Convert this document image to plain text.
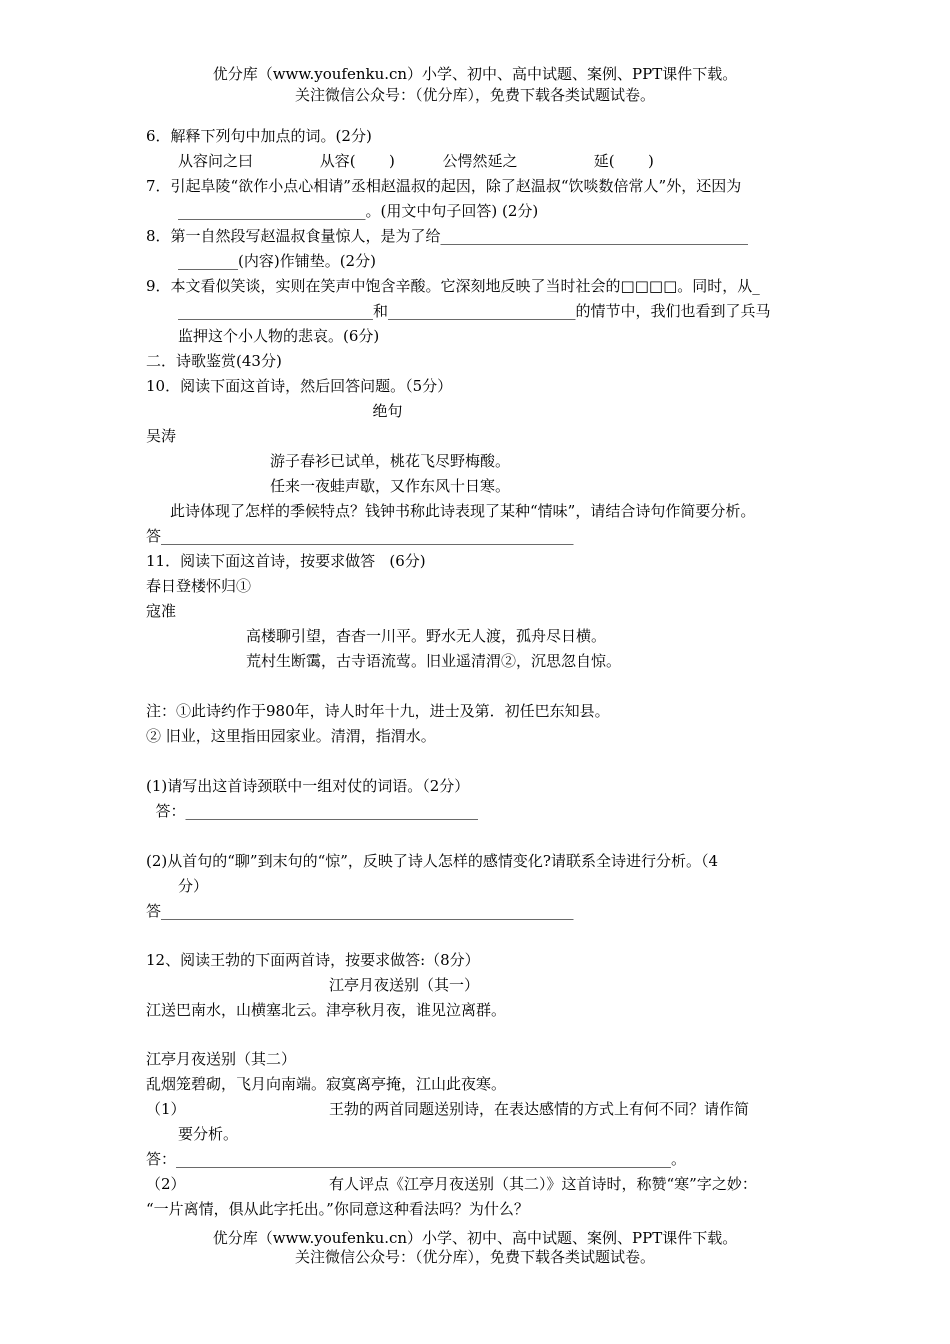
优分库（www.youfenku.cn）小学、初中、高中试题、案例、PPT课件下载。
关注微信公众号：（优分库），免费下载各类试题试卷。
6．解释下列句中加点的词。(2分)
从容问之曰              从容(       )          公愕然延之                延(       )
7．引起阜陵“欲作小点心相请”丞相赵温叔的起因，除了赵温叔“饮啖数倍常人”外，还因为
_________________________。(用文中句子回答) (2分)
8．第一自然段写赵温叔食量惊人，是为了给_________________________________________
________(内容)作铺垫。(2分)
9．本文看似笑谈，实则在笑声中饱含辛酸。它深刻地反映了当时社会的□□□□。同时，从_
__________________________和_________________________的情节中，我们也看到了兵马
监押这个小人物的悲哀。(6分)
二．诗歌鉴赏(43分)
10．阅读下面这首诗，然后回答问题。（5分）
绝句
吴涛
游子春衫已试单，桃花飞尽野梅酸。
任来一夜蛙声歇，又作东风十日寒。
此诗体现了怎样的季候特点？钱钟书称此诗表现了某种“情味”，请结合诗句作简要分析。
答_______________________________________________________
11．阅读下面这首诗，按要求做答   (6分)
春日登楼怀归①
寇准
高楼聊引望，杳杳一川平。野水无人渡，孤舟尽日横。
荒村生断霭，古寺语流莺。旧业遥清渭②，沉思忽自惊。
注：①此诗约作于980年，诗人时年十九，进士及第．初任巴东知县。
② 旧业，这里指田园家业。清渭，指渭水。
(1)请写出这首诗颈联中一组对仗的词语。（2分）
答：_______________________________________
(2)从首句的“聊”到末句的“惊”，反映了诗人怎样的感情变化?请联系全诗进行分析。（4
分）
答_______________________________________________________
12、阅读王勃的下面两首诗，按要求做答:（8分）
江亭月夜送别（其一）
江送巴南水，山横塞北云。津亭秋月夜，谁见泣离群。
江亭月夜送别（其二）
乱烟笼碧砌，飞月向南端。寂寞离亭掩，江山此夜寒。
（1）	王勃的两首同题送别诗，在表达感情的方式上有何不同？请作简
要分析。
答：__________________________________________________________________。
（2）	有人评点《江亭月夜送别（其二）》这首诗时，称赞“寒”字之妙：
“一片离情，俱从此字托出。”你同意这种看法吗？为什么？
优分库（www.youfenku.cn）小学、初中、高中试题、案例、PPT课件下载。
关注微信公众号：（优分库），免费下载各类试题试卷。
